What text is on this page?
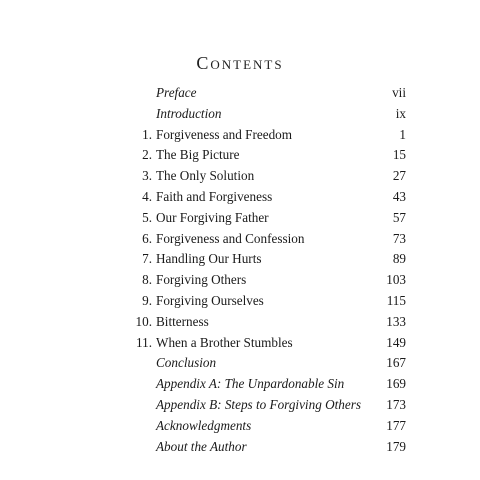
Contents
Preface	vii
Introduction	ix
1. Forgiveness and Freedom	1
2. The Big Picture	15
3. The Only Solution	27
4. Faith and Forgiveness	43
5. Our Forgiving Father	57
6. Forgiveness and Confession	73
7. Handling Our Hurts	89
8. Forgiving Others	103
9. Forgiving Ourselves	115
10. Bitterness	133
11. When a Brother Stumbles	149
Conclusion	167
Appendix A: The Unpardonable Sin	169
Appendix B: Steps to Forgiving Others 173
Acknowledgments	177
About the Author	179
